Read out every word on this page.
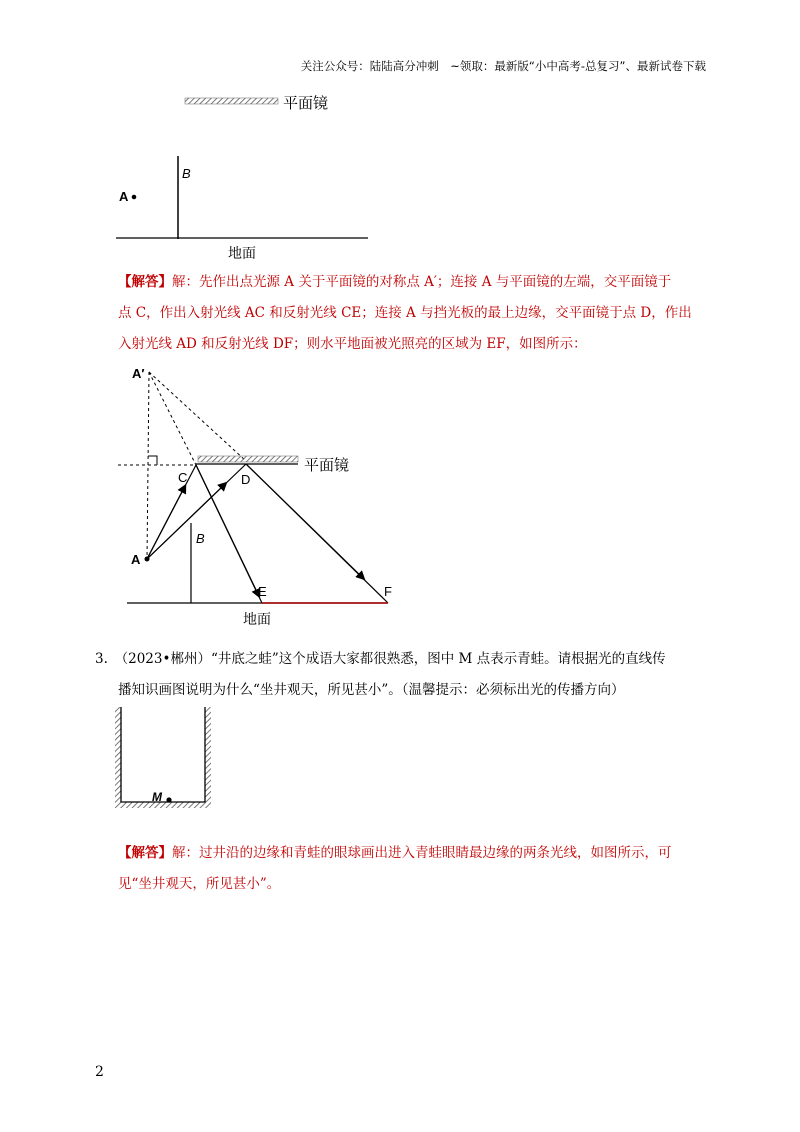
关注公众号：陆陆高分冲刺　~领取：最新版“小中高考-总复习”、最新试卷下载
平面镜
B
A
地面
【解答】解：先作出点光源 A 关于平面镜的对称点 A′；连接 A 与平面镜的左端，交平面镜于
点 C，作出入射光线 AC 和反射光线 CE；连接 A 与挡光板的最上边缘，交平面镜于点 D，作出
入射光线 AD 和反射光线 DF；则水平地面被光照亮的区域为 EF，如图所示：
平面镜
B
A
A′
C	D
E	F
地面
3.　（2023•郴州）“井底之蛙”这个成语大家都很熟悉，图中 M 点表示青蛙。请根据光的直线传
播知识画图说明为什么“坐井观天，所见甚小”。（温馨提示：必须标出光的传播方向）
M
【解答】解：过井沿的边缘和青蛙的眼球画出进入青蛙眼睛最边缘的两条光线，如图所示，可
见“坐井观天，所见甚小”。
2
